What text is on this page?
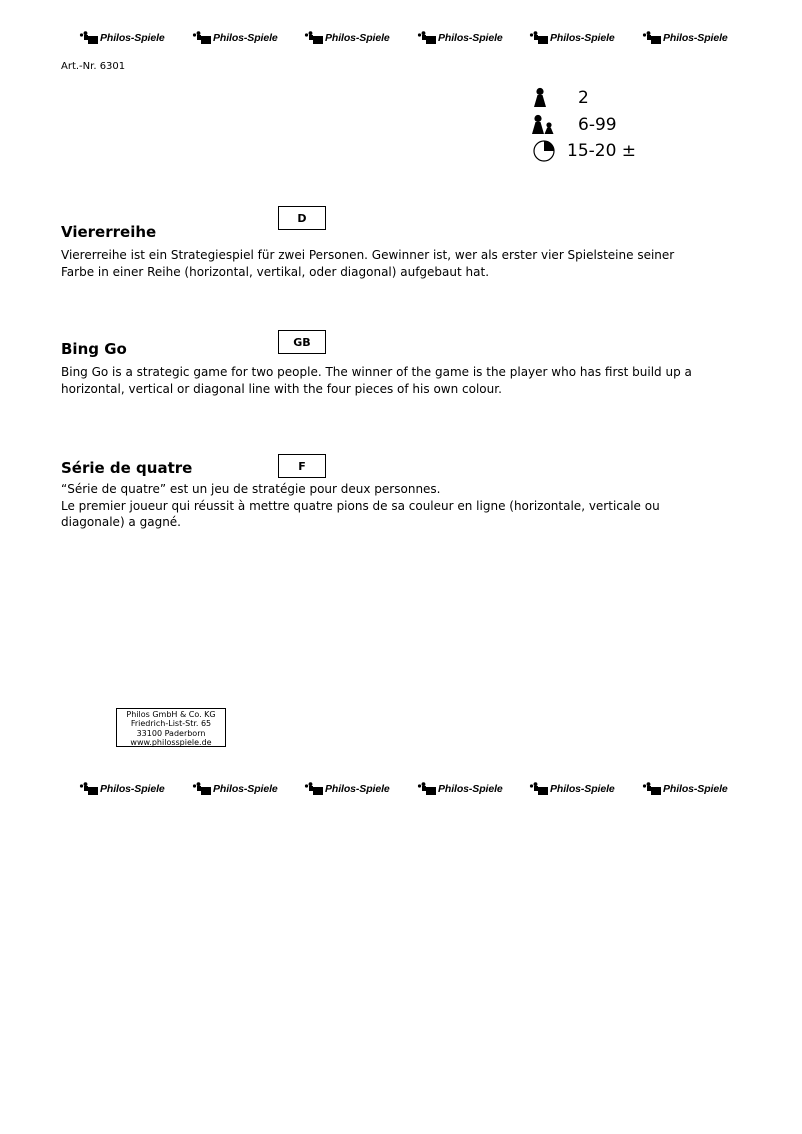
Philos-Spiele	Philos-Spiele	Philos-Spiele	Philos-Spiele	Philos-Spiele	Philos-Spiele
Art.-Nr. 6301
2
6-99
15-20 ±
D
Viererreihe

Viererreihe ist ein Strategiespiel für zwei Personen. Gewinner ist, wer als erster vier Spielsteine seiner Farbe in einer Reihe (horizontal, vertikal, oder diagonal) aufgebaut hat.

GB
Bing Go

Bing Go is a strategic game for two people. The winner of the game is the player who has first build up a horizontal, vertical or diagonal line with the four pieces of his own colour.

F
Série de quatre

“Série de quatre” est un jeu de stratégie pour deux personnes.

Le premier joueur qui réussit à mettre quatre pions de sa couleur en ligne (horizontale, verticale ou diagonale) a gagné.

Philos GmbH & Co. KG
Friedrich-List-Str. 65
33100 Paderborn
www.philosspiele.de
Philos-Spiele	Philos-Spiele	Philos-Spiele	Philos-Spiele	Philos-Spiele	Philos-Spiele
